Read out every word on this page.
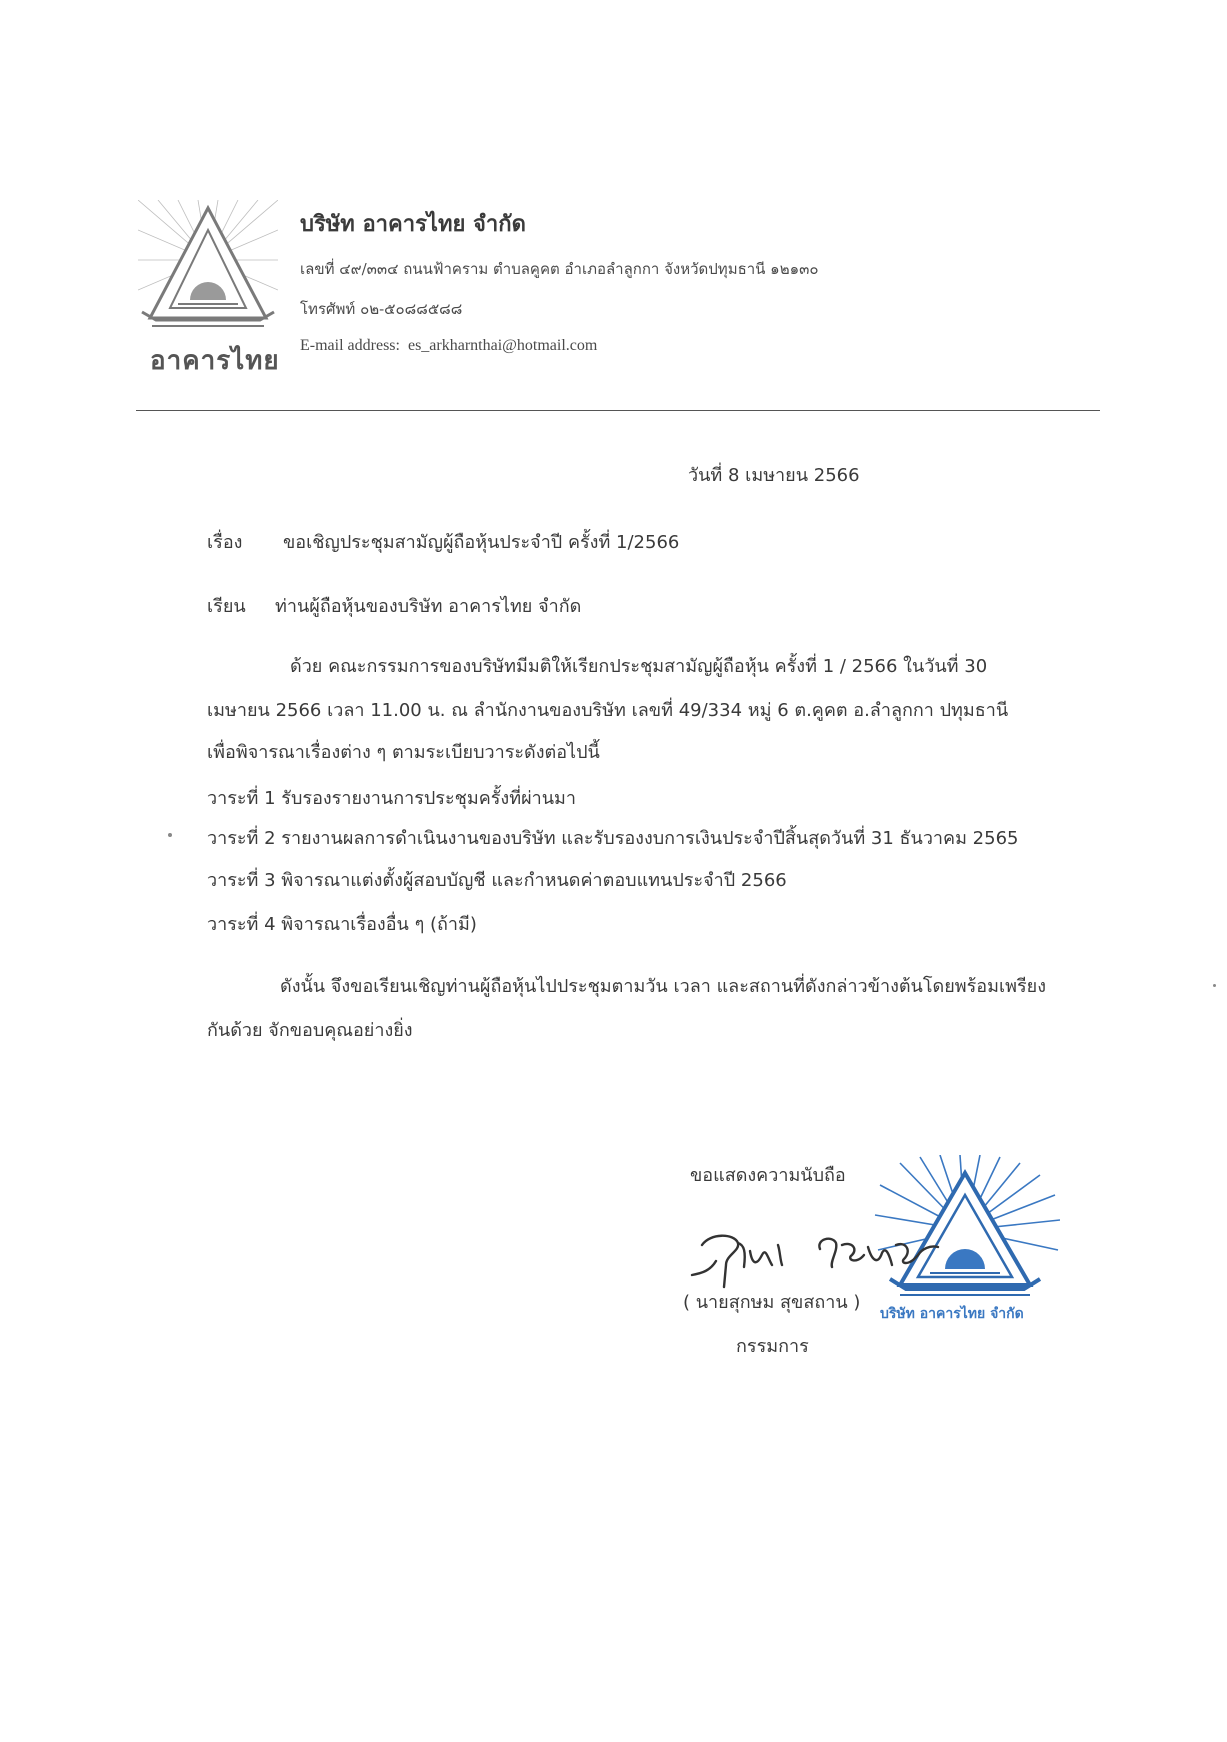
อาคารไทย
บริษัท อาคารไทย จำกัด
เลขที่ ๔๙/๓๓๔ ถนนฟ้าคราม ตำบลคูคต อำเภอลำลูกกา จังหวัดปทุมธานี ๑๒๑๓๐
โทรศัพท์ ๐๒-๕๐๘๘๕๘๘
E-mail address: es_arkharnthai@hotmail.com
วันที่ 8 เมษายน 2566
เรื่อง ขอเชิญประชุมสามัญผู้ถือหุ้นประจำปี ครั้งที่ 1/2566
เรียน ท่านผู้ถือหุ้นของบริษัท อาคารไทย จำกัด
ด้วย คณะกรรมการของบริษัทมีมติให้เรียกประชุมสามัญผู้ถือหุ้น ครั้งที่ 1 / 2566 ในวันที่ 30
เมษายน 2566 เวลา 11.00 น. ณ ลำนักงานของบริษัท เลขที่ 49/334 หมู่ 6 ต.คูคต อ.ลำลูกกา ปทุมธานี
เพื่อพิจารณาเรื่องต่าง ๆ ตามระเบียบวาระดังต่อไปนี้
วาระที่ 1 รับรองรายงานการประชุมครั้งที่ผ่านมา
วาระที่ 2 รายงานผลการดำเนินงานของบริษัท และรับรองงบการเงินประจำปีสิ้นสุดวันที่ 31 ธันวาคม 2565
วาระที่ 3 พิจารณาแต่งตั้งผู้สอบบัญชี และกำหนดค่าตอบแทนประจำปี 2566
วาระที่ 4 พิจารณาเรื่องอื่น ๆ (ถ้ามี)
ดังนั้น จึงขอเรียนเชิญท่านผู้ถือหุ้นไปประชุมตามวัน เวลา และสถานที่ดังกล่าวข้างต้นโดยพร้อมเพรียง
กันด้วย จักขอบคุณอย่างยิ่ง
ขอแสดงความนับถือ
บริษัท อาคารไทย จำกัด
( นายสุกษม สุขสถาน )
กรรมการ
